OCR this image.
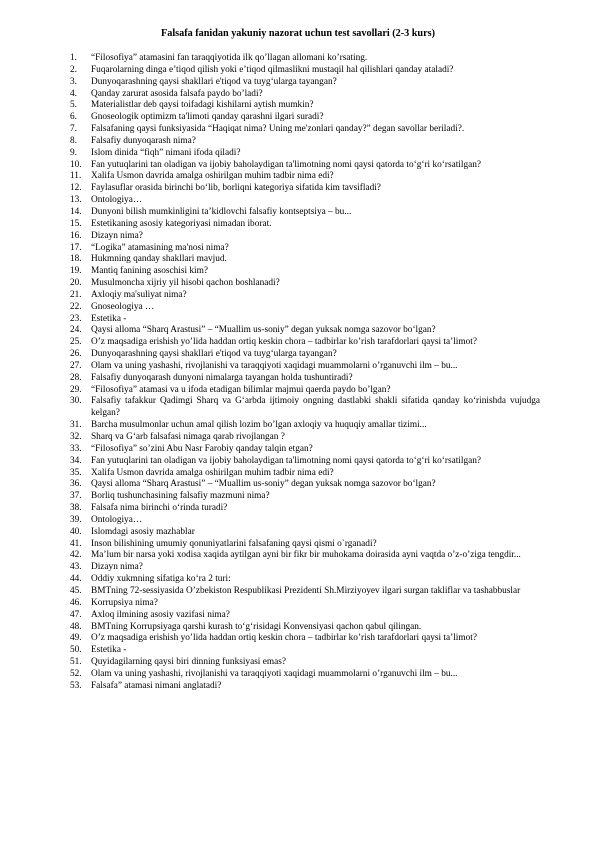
Falsafa fanidan yakuniy nazorat uchun test savollari (2-3 kurs)
1.	“Filosofiya” atamasini fan taraqqiyotida ilk qo’llagan allomani ko’rsating.
2.	Fuqarolarning dinga e’tiqod qilish yoki e’tiqod qilmaslikni mustaqil hal qilishlari qanday ataladi?
3.	Dunyoqarashning qaysi shakllari e'tiqod va tuyg‘ularga tayangan?
4.	Qanday zarurat asosida falsafa paydo bo’ladi?
5.	Materialistlar deb qaysi toifadagi kishilarni aytish mumkin?
6.	Gnoseologik optimizm ta'limoti qanday qarashni ilgari suradi?
7.	Falsafaning qaysi funksiyasida “Haqiqat nima? Uning me'zonlari qanday?” degan savollar beriladi?.
8.	Falsafiy dunyoqarash nima?
9.	Islom dinida “fiqh” nimani ifoda qiladi?
10.	Fan yutuqlarini tan oladigan va ijobiy baholaydigan ta'limotning nomi qaysi qatorda to‘g‘ri ko‘rsatilgan?
11.	Xalifa Usmon davrida amalga oshirilgan muhim tadbir nima edi?
12.	Faylasuflar orasida birinchi bo‘lib, borliqni kategoriya sifatida kim tavsifladi?
13.	Ontologiya…
14.	Dunyoni bilish mumkinligini ta’kidlovchi falsafiy kontseptsiya – bu...
15.	Estetikaning asosiy kategoriyasi nimadan iborat.
16.	Dizayn nima?
17.	“Logika” atamasining ma'nosi nima?
18.	Hukmning qanday shakllari mavjud.
19.	Mantiq fanining asoschisi kim?
20.	Musulmoncha xijriy yil hisobi qachon boshlanadi?
21.	Axloqiy ma'suliyat nima?
22.	Gnoseologiya …
23.	Estetika -
24.	Qaysi alloma “Sharq Arastusi” – “Muallim us-soniy” degan yuksak nomga sazovor bo‘lgan?
25.	O’z maqsadiga erishish yo’lida haddan ortiq keskin chora – tadbirlar ko’rish tarafdorlari qaysi ta’limot?
26.	Dunyoqarashning qaysi shakllari e'tiqod va tuyg‘ularga tayangan?
27.	Olam va uning yashashi, rivojlanishi va taraqqiyoti xaqidagi muammolarni o’rganuvchi ilm – bu...
28.	Falsafiy dunyoqarash dunyoni nimalarga tayangan holda tushuntiradi?
29.	“Filosofiya” atamasi va u ifoda etadigan bilimlar majmui qaerda paydo bo’lgan?
30.	Falsafiy tafakkur Qadimgi Sharq va G‘arbda ijtimoiy ongning dastlabki shakli sifatida qanday ko‘rinishda vujudga kelgan?
31.	Barcha musulmonlar uchun amal qilish lozim bo’lgan axloqiy va huquqiy amallar tizimi...
32.	Sharq va G‘arb falsafasi nimaga qarab rivojlangan ?
33.	“Filosofiya” so’zini Abu Nasr Farobiy qanday talqin etgan?
34.	Fan yutuqlarini tan oladigan va ijobiy baholaydigan ta'limotning nomi qaysi qatorda to‘g‘ri ko‘rsatilgan?
35.	Xalifa Usmon davrida amalga oshirilgan muhim tadbir nima edi?
36.	Qaysi alloma “Sharq Arastusi” – “Muallim us-soniy” degan yuksak nomga sazovor bo‘lgan?
37.	Borliq tushunchasining falsafiy mazmuni nima?
38.	Falsafa nima birinchi o‘rinda turadi?
39.	Ontologiya…
40.	Islomdagi asosiy mazhablar
41.	Inson bilishining umumiy qonuniyatlarini falsafaning qaysi qismi o`rganadi?
42.	Ma’lum bir narsa yoki xodisa xaqida aytilgan ayni bir fikr bir muhokama doirasida ayni vaqtda o’z-o’ziga tengdir...
43.	Dizayn nima?
44.	Oddiy xukmning sifatiga ko‘ra 2 turi:
45.	BMTning 72-sessiyasida O’zbekiston Respublikasi Prezidenti Sh.Mirziyoyev ilgari surgan takliflar va tashabbuslar
46.	Korrupsiya nima?
47.	Axloq ilmining asosiy vazifasi nima?
48.	BMTning Korrupsiyaga qarshi kurash to‘g‘risidagi Konvensiyasi qachon qabul qilingan.
49.	O’z maqsadiga erishish yo’lida haddan ortiq keskin chora – tadbirlar ko’rish tarafdorlari qaysi ta’limot?
50.	Estetika -
51.	Quyidagilarning qaysi biri dinning funksiyasi emas?
52.	Olam va uning yashashi, rivojlanishi va taraqqiyoti xaqidagi muammolarni o’rganuvchi ilm – bu...
53.	Falsafa” atamasi nimani anglatadi?
